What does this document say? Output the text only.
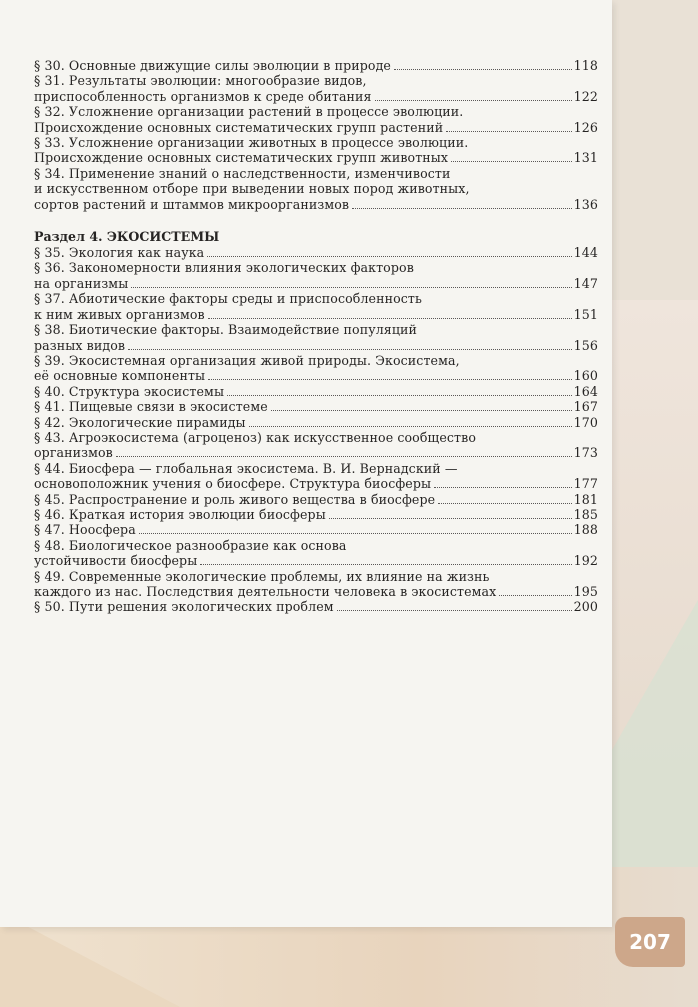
§ 30. Основные движущие силы эволюции в природе	118
§ 31. Результаты эволюции: многообразие видов,
приспособленность организмов к среде обитания	122
§ 32. Усложнение организации растений в процессе эволюции.
Происхождение основных систематических групп растений	126
§ 33. Усложнение организации животных в процессе эволюции.
Происхождение основных систематических групп животных	131
§ 34. Применение знаний о наследственности, изменчивости
и искусственном отборе при выведении новых пород животных,
сортов растений и штаммов микроорганизмов	136
Раздел 4. ЭКОСИСТЕМЫ
§ 35. Экология как наука	144
§ 36. Закономерности влияния экологических факторов
на организмы	147
§ 37. Абиотические факторы среды и приспособленность
к ним живых организмов	151
§ 38. Биотические факторы. Взаимодействие популяций
разных видов	156
§ 39. Экосистемная организация живой природы. Экосистема,
её основные компоненты	160
§ 40. Структура экосистемы	164
§ 41. Пищевые связи в экосистеме	167
§ 42. Экологические пирамиды	170
§ 43. Агроэкосистема (агроценоз) как искусственное сообщество
организмов	173
§ 44. Биосфера — глобальная экосистема. В. И. Вернадский —
основоположник учения о биосфере. Структура биосферы	177
§ 45. Распространение и роль живого вещества в биосфере	181
§ 46. Краткая история эволюции биосферы	185
§ 47. Ноосфера	188
§ 48. Биологическое разнообразие как основа
устойчивости биосферы	192
§ 49. Современные экологические проблемы, их влияние на жизнь
каждого из нас. Последствия деятельности человека в экосистемах	195
§ 50. Пути решения экологических проблем	200
207
